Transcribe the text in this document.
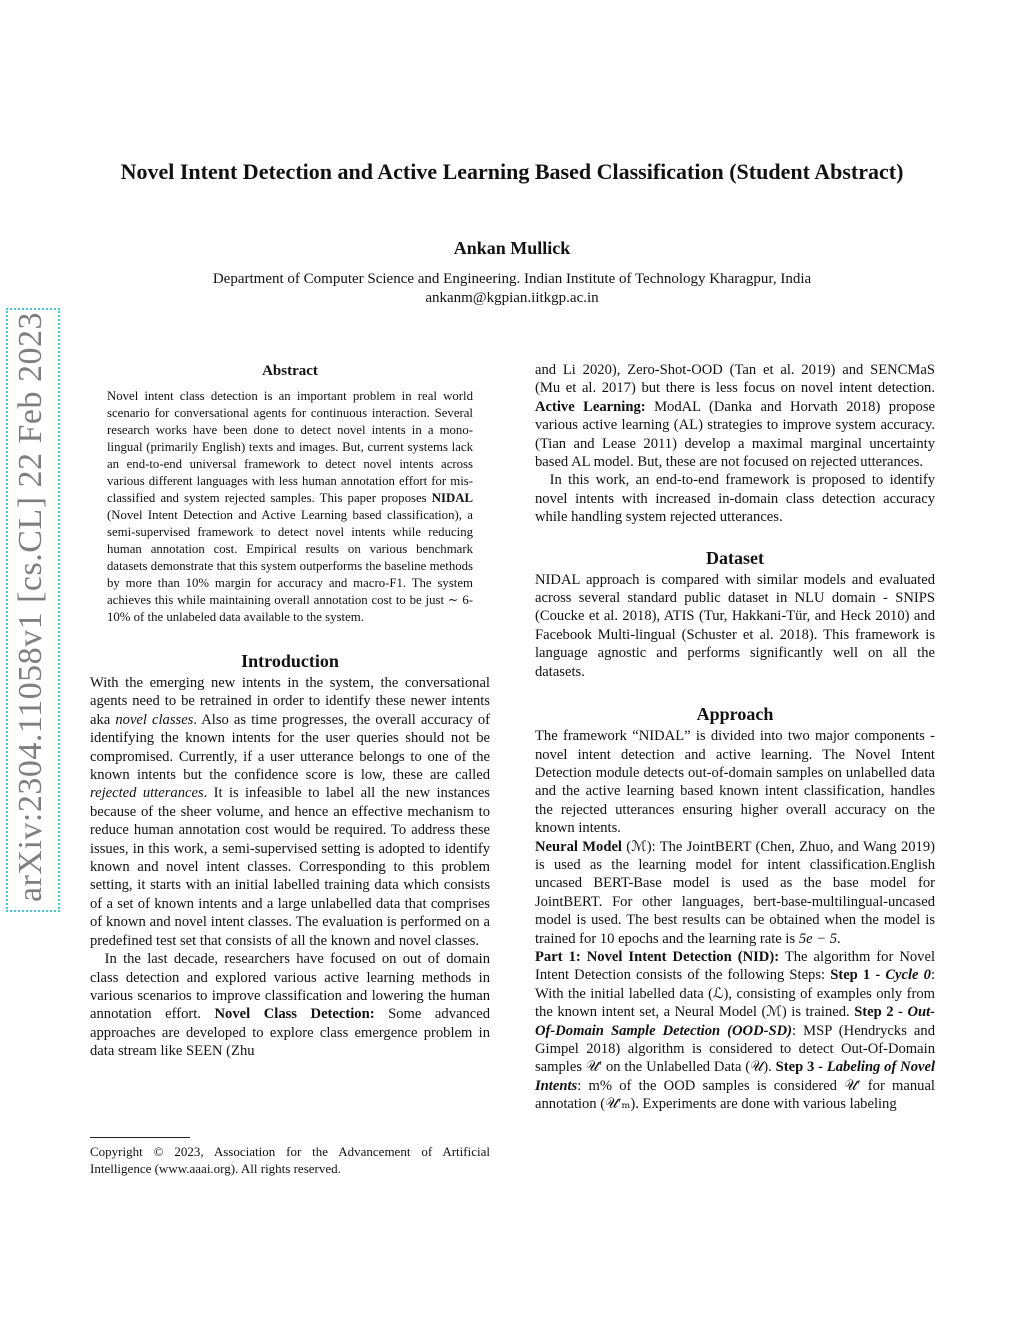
arXiv:2304.11058v1 [cs.CL] 22 Feb 2023
Novel Intent Detection and Active Learning Based Classification (Student Abstract)
Ankan Mullick
Department of Computer Science and Engineering. Indian Institute of Technology Kharagpur, India
ankanm@kgpian.iitkgp.ac.in
Abstract

Novel intent class detection is an important problem in real world scenario for conversational agents for continuous interaction. Several research works have been done to detect novel intents in a mono-lingual (primarily English) texts and images. But, current systems lack an end-to-end universal framework to detect novel intents across various different languages with less human annotation effort for mis-classified and system rejected samples. This paper proposes NIDAL (Novel Intent Detection and Active Learning based classification), a semi-supervised framework to detect novel intents while reducing human annotation cost. Empirical results on various benchmark datasets demonstrate that this system outperforms the baseline methods by more than 10% margin for accuracy and macro-F1. The system achieves this while maintaining overall annotation cost to be just ∼ 6-10% of the unlabeled data available to the system.

Introduction

With the emerging new intents in the system, the conversational agents need to be retrained in order to identify these newer intents aka novel classes. Also as time progresses, the overall accuracy of identifying the known intents for the user queries should not be compromised. Currently, if a user utterance belongs to one of the known intents but the confidence score is low, these are called rejected utterances. It is infeasible to label all the new instances because of the sheer volume, and hence an effective mechanism to reduce human annotation cost would be required. To address these issues, in this work, a semi-supervised setting is adopted to identify known and novel intent classes. Corresponding to this problem setting, it starts with an initial labelled training data which consists of a set of known intents and a large unlabelled data that comprises of known and novel intent classes. The evaluation is performed on a predefined test set that consists of all the known and novel classes.

In the last decade, researchers have focused on out of domain class detection and explored various active learning methods in various scenarios to improve classification and lowering the human annotation effort. Novel Class Detection: Some advanced approaches are developed to explore class emergence problem in data stream like SEEN (Zhu

Copyright © 2023, Association for the Advancement of Artificial Intelligence (www.aaai.org). All rights reserved.

and Li 2020), Zero-Shot-OOD (Tan et al. 2019) and SENCMaS (Mu et al. 2017) but there is less focus on novel intent detection. Active Learning: ModAL (Danka and Horvath 2018) propose various active learning (AL) strategies to improve system accuracy. (Tian and Lease 2011) develop a maximal marginal uncertainty based AL model. But, these are not focused on rejected utterances.

In this work, an end-to-end framework is proposed to identify novel intents with increased in-domain class detection accuracy while handling system rejected utterances.

Dataset

NIDAL approach is compared with similar models and evaluated across several standard public dataset in NLU domain - SNIPS (Coucke et al. 2018), ATIS (Tur, Hakkani-Tür, and Heck 2010) and Facebook Multi-lingual (Schuster et al. 2018). This framework is language agnostic and performs significantly well on all the datasets.

Approach

The framework “NIDAL” is divided into two major components - novel intent detection and active learning. The Novel Intent Detection module detects out-of-domain samples on unlabelled data and the active learning based known intent classification, handles the rejected utterances ensuring higher overall accuracy on the known intents.

Neural Model (ℳ): The JointBERT (Chen, Zhuo, and Wang 2019) is used as the learning model for intent classification.English uncased BERT-Base model is used as the base model for JointBERT. For other languages, bert-base-multilingual-uncased model is used. The best results can be obtained when the model is trained for 10 epochs and the learning rate is 5e − 5.

Part 1: Novel Intent Detection (NID): The algorithm for Novel Intent Detection consists of the following Steps: Step 1 - Cycle 0: With the initial labelled data (ℒ), consisting of examples only from the known intent set, a Neural Model (ℳ) is trained. Step 2 - Out-Of-Domain Sample Detection (OOD-SD): MSP (Hendrycks and Gimpel 2018) algorithm is considered to detect Out-Of-Domain samples 𝒰′ on the Unlabelled Data (𝒰). Step 3 - Labeling of Novel Intents: m% of the OOD samples is considered 𝒰′ for manual annotation (𝒰′ₘ). Experiments are done with various labeling
